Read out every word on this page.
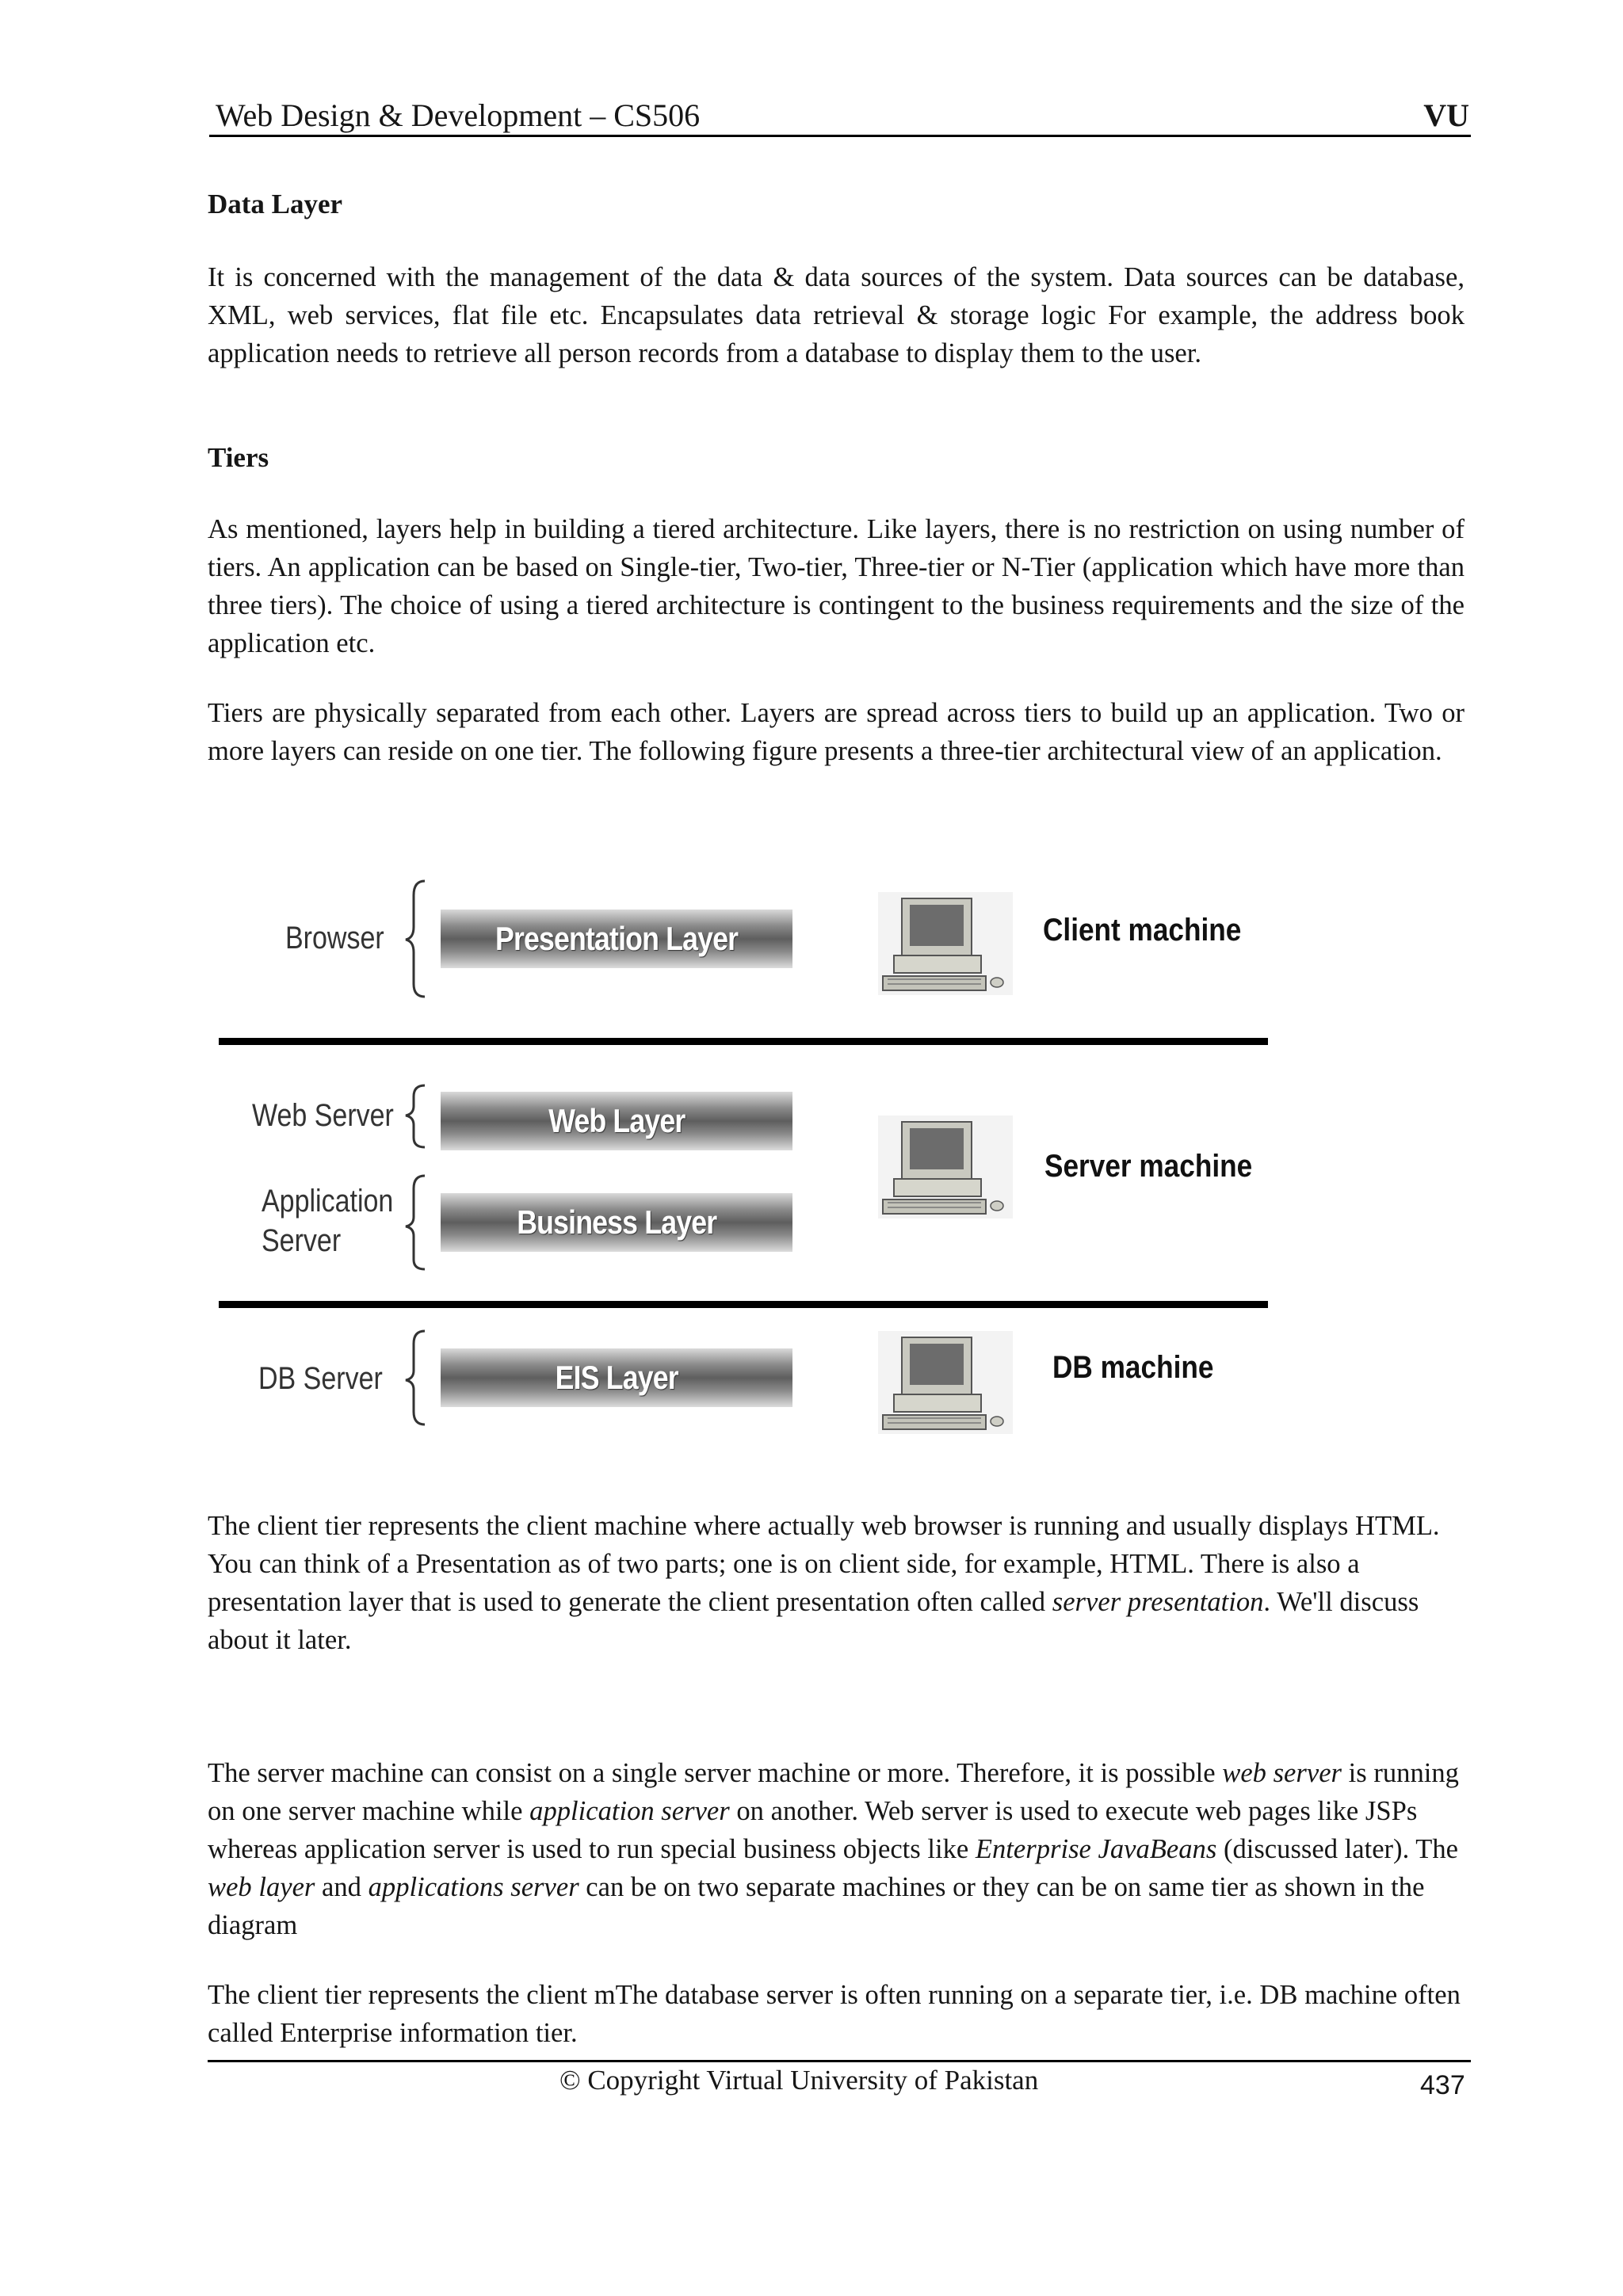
Web Design & Development – CS506	VU
Data Layer
It is concerned with the management of the data & data sources of the system. Data sources can be database, XML, web services, flat file etc. Encapsulates data retrieval & storage logic For example, the address book application needs to retrieve all person records from a database to display them to the user.
Tiers
As mentioned, layers help in building a tiered architecture. Like layers, there is no restriction on using number of tiers. An application can be based on Single-tier, Two-tier, Three-tier or N-Tier (application which have more than three tiers). The choice of using a tiered architecture is contingent to the business requirements and the size of the application etc.
Tiers are physically separated from each other. Layers are spread across tiers to build up an application. Two or more layers can reside on one tier. The following figure presents a three-tier architectural view of an application.
Browser
Web Server
Application
Server
DB Server
Presentation Layer
Web Layer
Business Layer
EIS Layer
Client machine
Server machine
DB machine
The client tier represents the client machine where actually web browser is running and usually displays HTML. You can think of a Presentation as of two parts; one is on client side, for example, HTML. There is also a presentation layer that is used to generate the client presentation often called server presentation. We'll discuss about it later.
The server machine can consist on a single server machine or more. Therefore, it is possible web server is running on one server machine while application server on another. Web server is used to execute web pages like JSPs whereas application server is used to run special business objects like Enterprise JavaBeans (discussed later). The web layer and applications server can be on two separate machines or they can be on same tier as shown in the diagram
The client tier represents the client mThe database server is often running on a separate tier, i.e. DB machine often called Enterprise information tier.
© Copyright Virtual University of Pakistan	437
